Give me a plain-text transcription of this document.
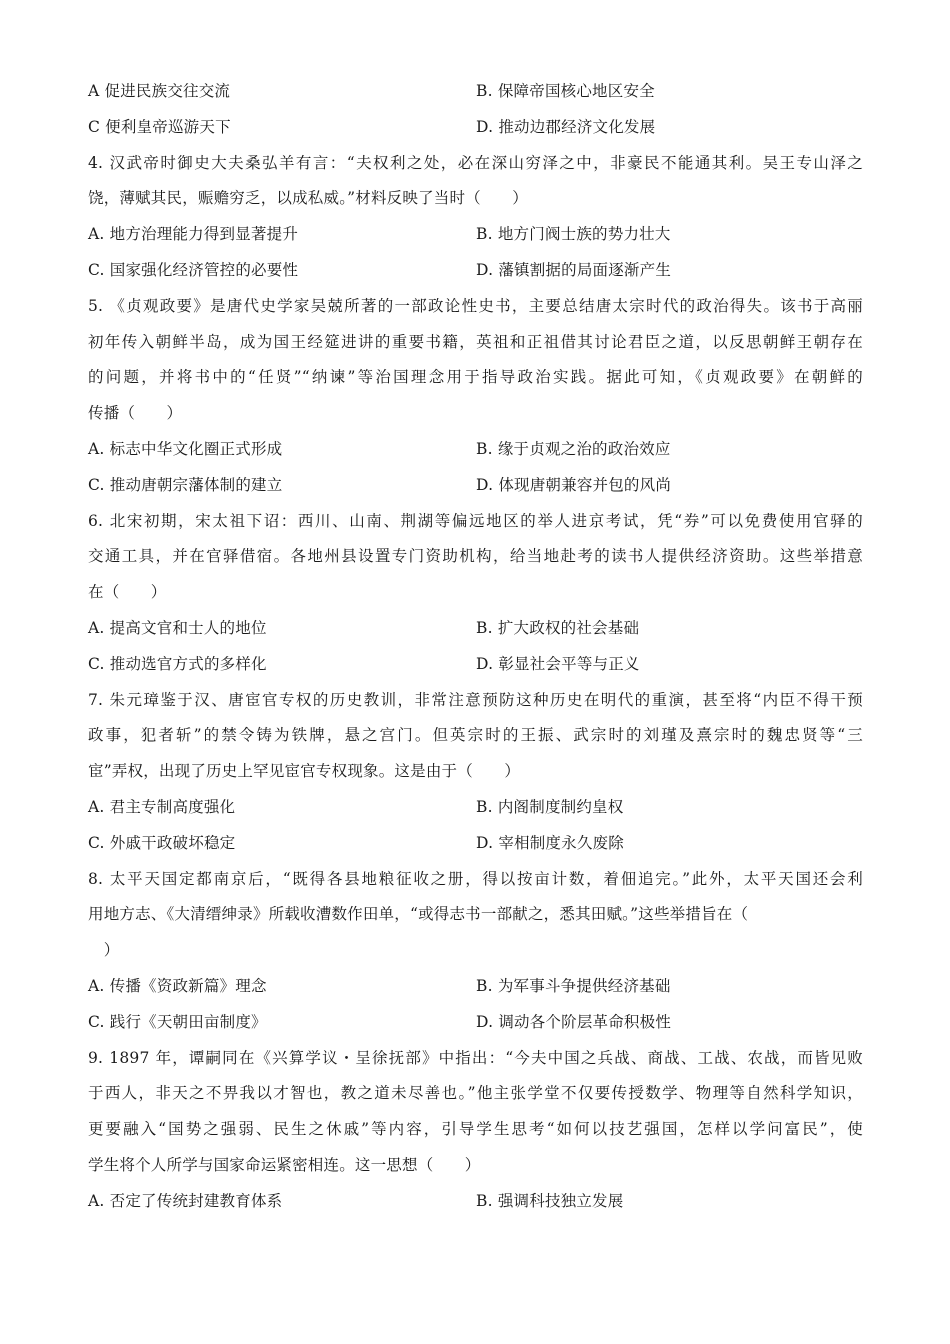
A 促进民族交往交流	B. 保障帝国核心地区安全
C 便利皇帝巡游天下	D. 推动边郡经济文化发展
4. 汉武帝时御史大夫桑弘羊有言：“夫权利之处，必在深山穷泽之中，非豪民不能通其利。吴王专山泽之
饶，薄赋其民，赈赡穷乏，以成私威。”材料反映了当时（　　）
A. 地方治理能力得到显著提升	B. 地方门阀士族的势力壮大
C. 国家强化经济管控的必要性	D. 藩镇割据的局面逐渐产生
5. 《贞观政要》是唐代史学家吴兢所著的一部政论性史书，主要总结唐太宗时代的政治得失。该书于高丽
初年传入朝鲜半岛，成为国王经筵进讲的重要书籍，英祖和正祖借其讨论君臣之道，以反思朝鲜王朝存在
的问题，并将书中的“任贤”“纳谏”等治国理念用于指导政治实践。据此可知，《贞观政要》在朝鲜的
传播（　　）
A. 标志中华文化圈正式形成	B. 缘于贞观之治的政治效应
C. 推动唐朝宗藩体制的建立	D. 体现唐朝兼容并包的风尚
6. 北宋初期，宋太祖下诏：西川、山南、荆湖等偏远地区的举人进京考试，凭“券”可以免费使用官驿的
交通工具，并在官驿借宿。各地州县设置专门资助机构，给当地赴考的读书人提供经济资助。这些举措意
在（　　）
A. 提高文官和士人的地位	B. 扩大政权的社会基础
C. 推动选官方式的多样化	D. 彰显社会平等与正义
7. 朱元璋鉴于汉、唐宦官专权的历史教训，非常注意预防这种历史在明代的重演，甚至将“内臣不得干预
政事，犯者斩”的禁令铸为铁牌，悬之宫门。但英宗时的王振、武宗时的刘瑾及熹宗时的魏忠贤等“三
宦”弄权，出现了历史上罕见宦官专权现象。这是由于（　　）
A. 君主专制高度强化	B. 内阁制度制约皇权
C. 外戚干政破坏稳定	D. 宰相制度永久废除
8. 太平天国定都南京后，“既得各县地粮征收之册，得以按亩计数，着佃追完。”此外，太平天国还会利
用地方志、《大清缙绅录》所载收漕数作田单，“或得志书一部献之，悉其田赋。”这些举措旨在（
　）
A. 传播《资政新篇》理念	B. 为军事斗争提供经济基础
C. 践行《天朝田亩制度》	D. 调动各个阶层革命积极性
9. 1897 年，谭嗣同在《兴算学议・呈徐抚部》中指出：“今夫中国之兵战、商战、工战、农战，而皆见败
于西人，非天之不畀我以才智也，教之道未尽善也。”他主张学堂不仅要传授数学、物理等自然科学知识，
更要融入“国势之强弱、民生之休戚”等内容，引导学生思考“如何以技艺强国，怎样以学问富民”，使
学生将个人所学与国家命运紧密相连。这一思想（　　）
A. 否定了传统封建教育体系	B. 强调科技独立发展
